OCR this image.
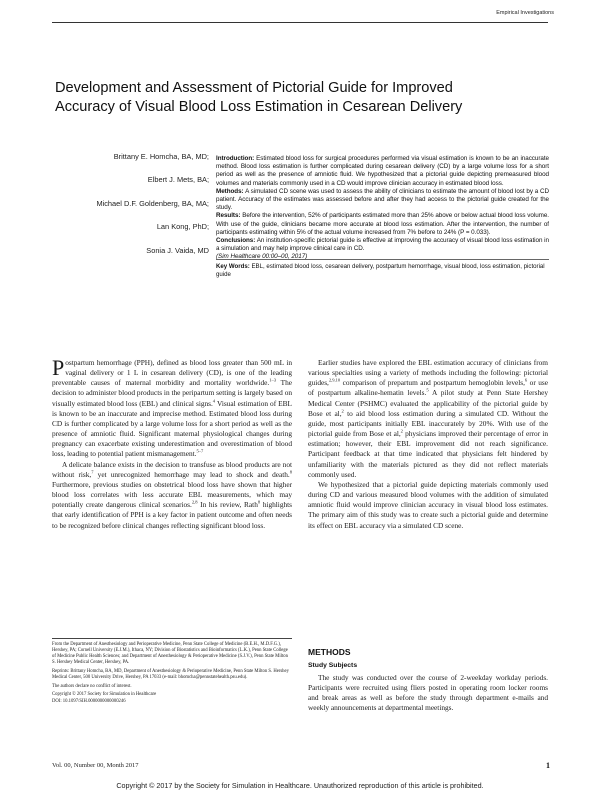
Empirical Investigations
Development and Assessment of Pictorial Guide for Improved Accuracy of Visual Blood Loss Estimation in Cesarean Delivery
Brittany E. Homcha, BA, MD;
Elbert J. Mets, BA;
Michael D.F. Goldenberg, BA, MA;
Lan Kong, PhD;
Sonia J. Vaida, MD
Introduction: Estimated blood loss for surgical procedures performed via visual estimation is known to be an inaccurate method. Blood loss estimation is further complicated during cesarean delivery (CD) by a large volume loss for a short period as well as the presence of amniotic fluid. We hypothesized that a pictorial guide depicting premeasured blood volumes and materials commonly used in a CD would improve clinician accuracy in estimated blood loss.
Methods: A simulated CD scene was used to assess the ability of clinicians to estimate the amount of blood lost by a CD patient. Accuracy of the estimates was assessed before and after they had access to the pictorial guide created for the study.
Results: Before the intervention, 52% of participants estimated more than 25% above or below actual blood loss volume. With use of the guide, clinicians became more accurate at blood loss estimation. After the intervention, the number of participants estimating within 5% of the actual volume increased from 7% before to 24% (P = 0.033).
Conclusions: An institution-specific pictorial guide is effective at improving the accuracy of visual blood loss estimation in a simulation and may help improve clinical care in CD.
(Sim Healthcare 00:00–00, 2017)
Key Words: EBL, estimated blood loss, cesarean delivery, postpartum hemorrhage, visual blood, loss estimation, pictorial guide

Postpartum hemorrhage (PPH), defined as blood loss greater than 500 mL in vaginal delivery or 1 L in cesarean delivery (CD), is one of the leading preventable causes of maternal morbidity and mortality worldwide.$^{1-3}$ The decision to administer blood products in the peripartum setting is largely based on visually estimated blood loss (EBL) and clinical signs.$^4$ Visual estimation of EBL is known to be an inaccurate and imprecise method. Estimated blood loss during CD is further complicated by a large volume loss for a short period as well as the presence of amniotic fluid. Significant maternal physiological changes during pregnancy can exacerbate existing underestimation and overestimation of blood loss, leading to potential patient mismanagement.$^{5-7}$

A delicate balance exists in the decision to transfuse as blood products are not without risk,$^7$ yet unrecognized hemorrhage may lead to shock and death.$^8$ Furthermore, previous studies on obstetrical blood loss have shown that higher blood loss correlates with less accurate EBL measurements, which may potentially create dangerous clinical scenarios.$^{2,8}$ In his review, Rath$^8$ highlights that early identification of PPH is a key factor in patient outcome and often needs to be recognized before clinical changes reflecting significant blood loss.

Earlier studies have explored the EBL estimation accuracy of clinicians from various specialties using a variety of methods including the following: pictorial guides,$^{2,9,10}$ comparison of prepartum and postpartum hemoglobin levels,$^6$ or use of postpartum alkaline-hematin levels.$^5$ A pilot study at Penn State Hershey Medical Center (PSHMC) evaluated the applicability of the pictorial guide by Bose et al,$^2$ to aid blood loss estimation during a simulated CD. Without the guide, most participants initially EBL inaccurately by 20%. With use of the pictorial guide from Bose et al,$^2$ physicians improved their percentage of error in estimation; however, their EBL improvement did not reach significance. Participant feedback at that time indicated that physicians felt hindered by unfamiliarity with the materials pictured as they did not reflect materials commonly used.

We hypothesized that a pictorial guide depicting materials commonly used during CD and various measured blood volumes with the addition of simulated amniotic fluid would improve clinician accuracy in visual blood loss estimates. The primary aim of this study was to create such a pictorial guide and determine its effect on EBL accuracy via a simulated CD scene.

From the Department of Anesthesiology and Perioperative Medicine, Penn State College of Medicine (B.E.H., M.D.F.G.), Hershey, PA; Cornell University (E.J.M.), Ithaca, NY; Division of Biostatistics and Bioinformatics (L.K.), Penn State College of Medicine Public Health Sciences; and Department of Anesthesiology & Perioperative Medicine (S.J.V.), Penn State Milton S. Hershey Medical Center, Hershey, PA.

Reprints: Brittany Homcha, BA, MD, Department of Anesthesiology & Perioperative Medicine, Penn State Milton S. Hershey Medical Center, 500 University Drive, Hershey, PA 17033 (e-mail: bhomcha@pennstatehealth.psu.edu).

The authors declare no conflict of interest.

Copyright © 2017 Society for Simulation in Healthcare

DOI: 10.1097/SIH.0000000000000246

METHODS
Study Subjects

The study was conducted over the course of 2-weekday workday periods. Participants were recruited using fliers posted in operating room locker rooms and break areas as well as before the study through department e-mails and weekly announcements at departmental meetings.

Vol. 00, Number 00, Month 2017	1
Copyright © 2017 by the Society for Simulation in Healthcare. Unauthorized reproduction of this article is prohibited.
